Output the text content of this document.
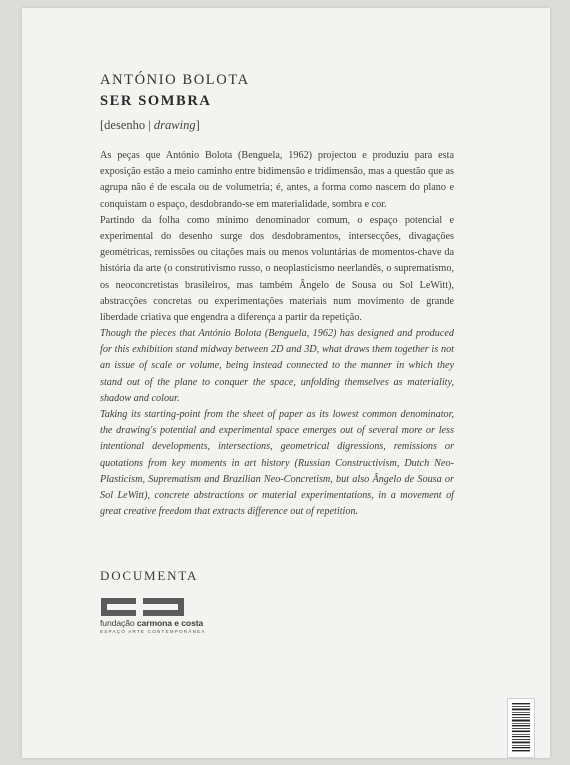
ANTÓNIO BOLOTA
SER SOMBRA
[desenho | drawing]

As peças que António Bolota (Benguela, 1962) projectou e produziu para esta exposição estão a meio caminho entre bidimensão e tridimensão, mas a questão que as agrupa não é de escala ou de volumetria; é, antes, a forma como nascem do plano e conquistam o espaço, desdobrando-se em materialidade, sombra e cor.

Partindo da folha como mínimo denominador comum, o espaço potencial e experimental do desenho surge dos desdobramentos, intersecções, divagações geométricas, remissões ou citações mais ou menos voluntárias de momentos-chave da história da arte (o construtivismo russo, o neoplasticismo neerlandês, o suprematismo, os neoconcretistas brasileiros, mas também Ângelo de Sousa ou Sol LeWitt), abstracções concretas ou experimentações materiais num movimento de grande liberdade criativa que engendra a diferença a partir da repetição.

Though the pieces that António Bolota (Benguela, 1962) has designed and produced for this exhibition stand midway between 2D and 3D, what draws them together is not an issue of scale or volume, being instead connected to the manner in which they stand out of the plane to conquer the space, unfolding themselves as materiality, shadow and colour.

Taking its starting-point from the sheet of paper as its lowest common denominator, the drawing's potential and experimental space emerges out of several more or less intentional developments, intersections, geometrical digressions, remissions or quotations from key moments in art history (Russian Constructivism, Dutch Neo-Plasticism, Suprematism and Brazilian Neo-Concretism, but also Ângelo de Sousa or Sol LeWitt), concrete abstractions or material experimentations, in a movement of great creative freedom that extracts difference out of repetition.

DOCUMENTA
fundação carmona e costa
ESPAÇO ARTE CONTEMPORÂNEA
